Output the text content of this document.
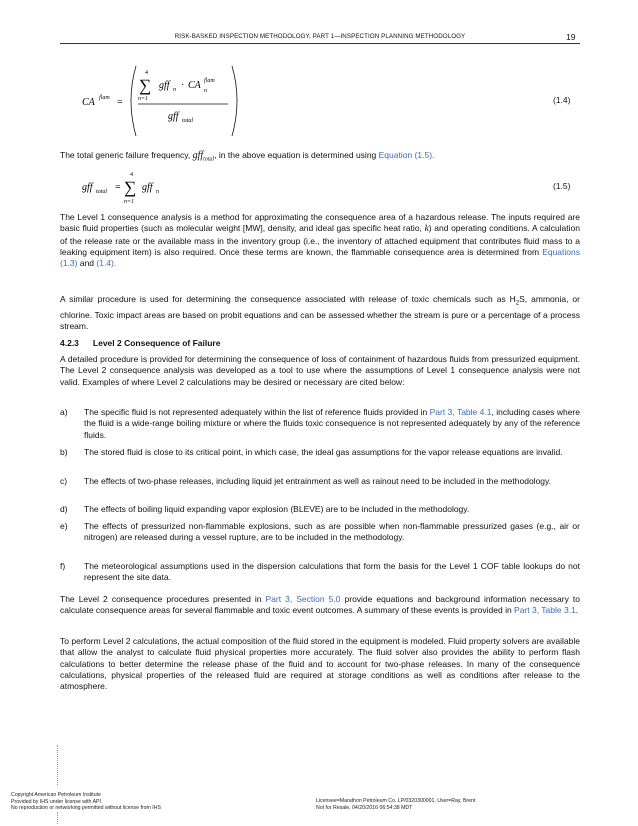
RISK-BASKED INSPECTION METHODOLOGY, PART 1—INSPECTION PLANNING METHODOLOGY	19
CA flam =
4
∑
n=1
gff n · CA flam
n
gff total
(1.4)

The total generic failure frequency, gff$_{total}$, in the above equation is determined using Equation (1.5).

gff total =
4
∑
n=1
gff n
(1.5)

The Level 1 consequence analysis is a method for approximating the consequence area of a hazardous release. The inputs required are basic fluid properties (such as molecular weight [MW], density, and ideal gas specific heat ratio, k) and operating conditions. A calculation of the release rate or the available mass in the inventory group (i.e., the inventory of attached equipment that contributes fluid mass to a leaking equipment item) is also required. Once these terms are known, the flammable consequence area is determined from Equations (1.3) and (1.4).

A similar procedure is used for determining the consequence associated with release of toxic chemicals such as $H_2S$, ammonia, or chlorine. Toxic impact areas are based on probit equations and can be assessed whether the stream is pure or a percentage of a process stream.

4.2.3 Level 2 Consequence of Failure

A detailed procedure is provided for determining the consequence of loss of containment of hazardous fluids from pressurized equipment. The Level 2 consequence analysis was developed as a tool to use where the assumptions of Level 1 consequence analysis were not valid. Examples of where Level 2 calculations may be desired or necessary are cited below:

a)	The specific fluid is not represented adequately within the list of reference fluids provided in Part 3, Table 4.1, including cases where the fluid is a wide-range boiling mixture or where the fluids toxic consequence is not represented adequately by any of the reference fluids.
b)	The stored fluid is close to its critical point, in which case, the ideal gas assumptions for the vapor release equations are invalid.
c)	The effects of two-phase releases, including liquid jet entrainment as well as rainout need to be included in the methodology.
d)	The effects of boiling liquid expanding vapor explosion (BLEVE) are to be included in the methodology.
e)	The effects of pressurized non-flammable explosions, such as are possible when non-flammable pressurized gases (e.g., air or nitrogen) are released during a vessel rupture, are to be included in the methodology.
f)	The meteorological assumptions used in the dispersion calculations that form the basis for the Level 1 COF table lookups do not represent the site data.

The Level 2 consequence procedures presented in Part 3, Section 5.0 provide equations and background information necessary to calculate consequence areas for several flammable and toxic event outcomes. A summary of these events is provided in Part 3, Table 3.1.

To perform Level 2 calculations, the actual composition of the fluid stored in the equipment is modeled. Fluid property solvers are available that allow the analyst to calculate fluid physical properties more accurately. The fluid solver also provides the ability to perform flash calculations to better determine the release phase of the fluid and to account for two-phase releases. In many of the consequence calculations, physical properties of the released fluid are required at storage conditions as well as conditions after release to the atmosphere.

Copyright American Petroleum Institute
Provided by IHS under license with API
No reproduction or networking permitted without license from IHS
Licensee=Marathon Petroleum Co. LP/0320300001, User=Ray, Brent
Not for Resale, 04/20/2016 06:54:38 MDT
